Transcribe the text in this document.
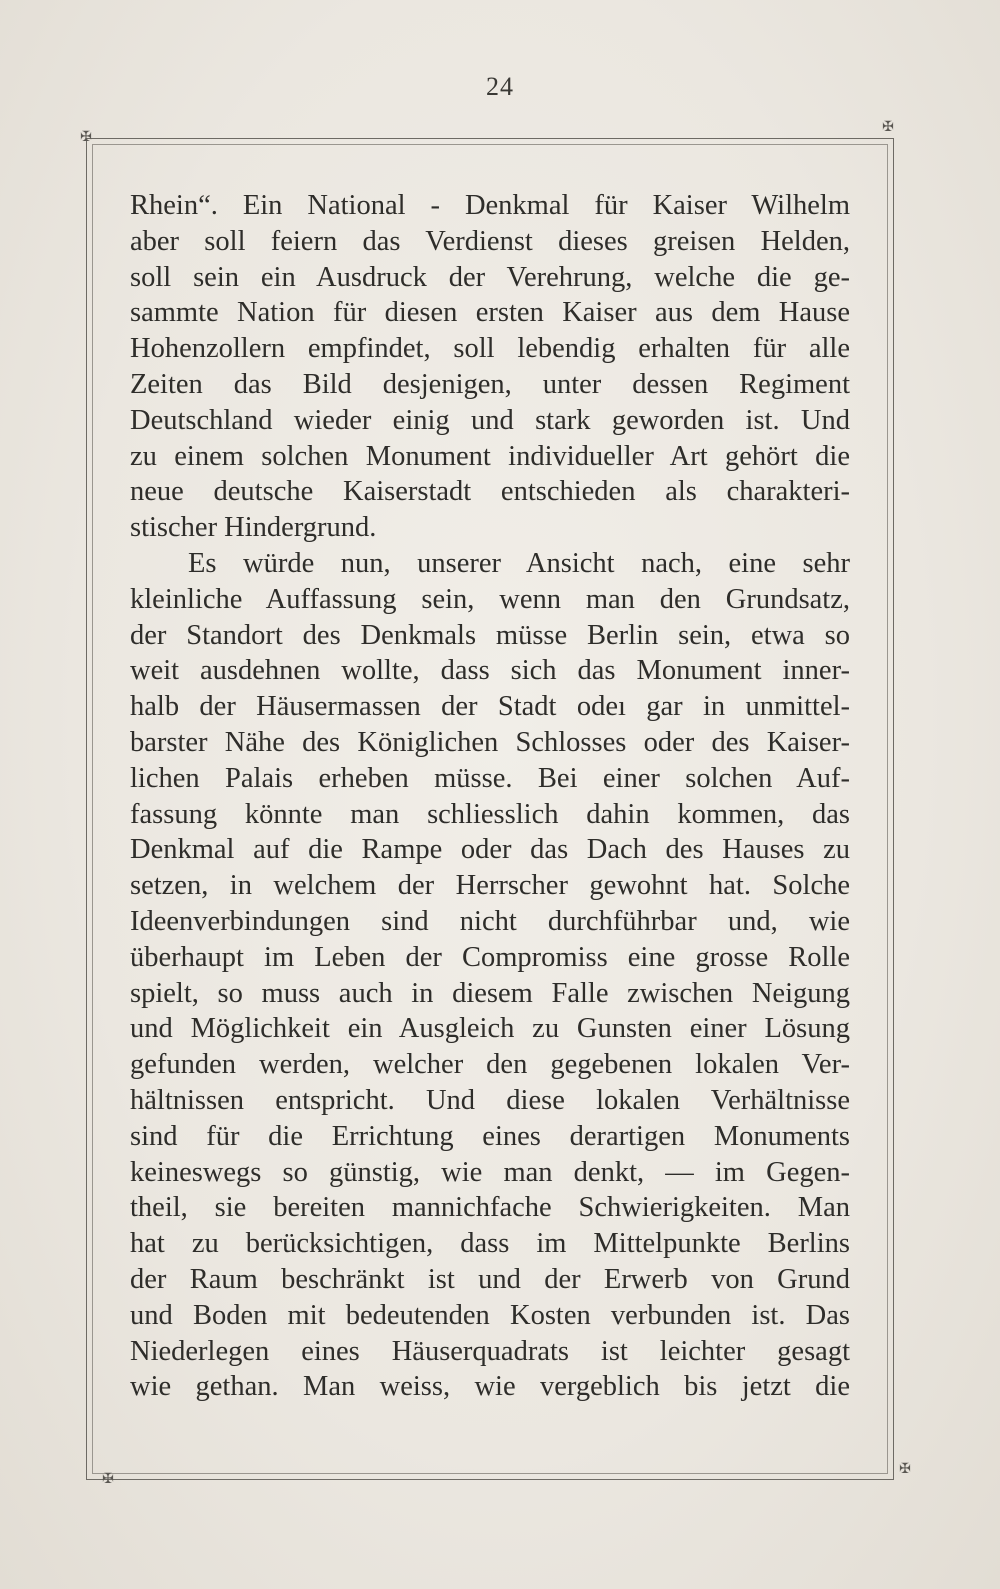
24
✠
✠
✠
✠
Rhein“. Ein National - Denkmal für Kaiser Wilhelm
aber soll feiern das Verdienst dieses greisen Helden,
soll sein ein Ausdruck der Verehrung, welche die ge-
sammte Nation für diesen ersten Kaiser aus dem Hause
Hohenzollern empfindet, soll lebendig erhalten für alle
Zeiten das Bild desjenigen, unter dessen Regiment
Deutschland wieder einig und stark geworden ist. Und
zu einem solchen Monument individueller Art gehört die
neue deutsche Kaiserstadt entschieden als charakteri-
stischer Hindergrund.
Es würde nun, unserer Ansicht nach, eine sehr
kleinliche Auffassung sein, wenn man den Grundsatz,
der Standort des Denkmals müsse Berlin sein, etwa so
weit ausdehnen wollte, dass sich das Monument inner-
halb der Häusermassen der Stadt odeı gar in unmittel-
barster Nähe des Königlichen Schlosses oder des Kaiser-
lichen Palais erheben müsse. Bei einer solchen Auf-
fassung könnte man schliesslich dahin kommen, das
Denkmal auf die Rampe oder das Dach des Hauses zu
setzen, in welchem der Herrscher gewohnt hat. Solche
Ideenverbindungen sind nicht durchführbar und, wie
überhaupt im Leben der Compromiss eine grosse Rolle
spielt, so muss auch in diesem Falle zwischen Neigung
und Möglichkeit ein Ausgleich zu Gunsten einer Lösung
gefunden werden, welcher den gegebenen lokalen Ver-
hältnissen entspricht. Und diese lokalen Verhältnisse
sind für die Errichtung eines derartigen Monuments
keineswegs so günstig, wie man denkt, — im Gegen-
theil, sie bereiten mannichfache Schwierigkeiten. Man
hat zu berücksichtigen, dass im Mittelpunkte Berlins
der Raum beschränkt ist und der Erwerb von Grund
und Boden mit bedeutenden Kosten verbunden ist. Das
Niederlegen eines Häuserquadrats ist leichter gesagt
wie gethan. Man weiss, wie vergeblich bis jetzt die
